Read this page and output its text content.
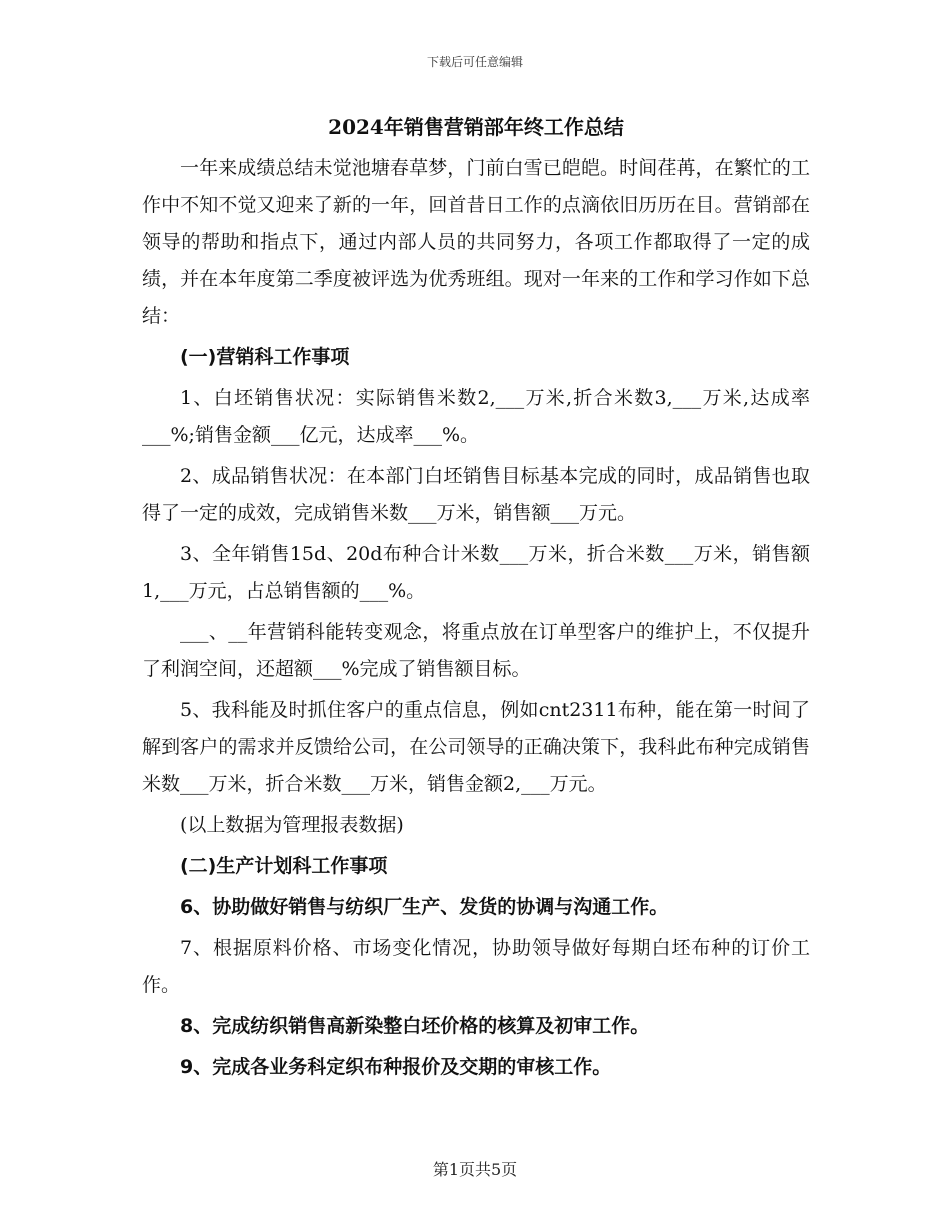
下载后可任意编辑
2024年销售营销部年终工作总结

一年来成绩总结未觉池塘春草梦，门前白雪已皑皑。时间荏苒，在繁忙的工作中不知不觉又迎来了新的一年，回首昔日工作的点滴依旧历历在目。营销部在领导的帮助和指点下，通过内部人员的共同努力，各项工作都取得了一定的成绩，并在本年度第二季度被评选为优秀班组。现对一年来的工作和学习作如下总结：

(一)营销科工作事项

1、白坯销售状况：实际销售米数2,___万米,折合米数3,___万米,达成率___%;销售金额___亿元，达成率___%。

2、成品销售状况：在本部门白坯销售目标基本完成的同时，成品销售也取得了一定的成效，完成销售米数___万米，销售额___万元。

3、全年销售15d、20d布种合计米数___万米，折合米数___万米，销售额1,___万元，占总销售额的___%。

___、__年营销科能转变观念，将重点放在订单型客户的维护上，不仅提升了利润空间，还超额___%完成了销售额目标。

5、我科能及时抓住客户的重点信息，例如cnt2311布种，能在第一时间了解到客户的需求并反馈给公司，在公司领导的正确决策下，我科此布种完成销售米数___万米，折合米数___万米，销售金额2,___万元。

(以上数据为管理报表数据)

(二)生产计划科工作事项

6、协助做好销售与纺织厂生产、发货的协调与沟通工作。

7、根据原料价格、市场变化情况，协助领导做好每期白坯布种的订价工作。

8、完成纺织销售高新染整白坯价格的核算及初审工作。

9、完成各业务科定织布种报价及交期的审核工作。

第1页共5页
